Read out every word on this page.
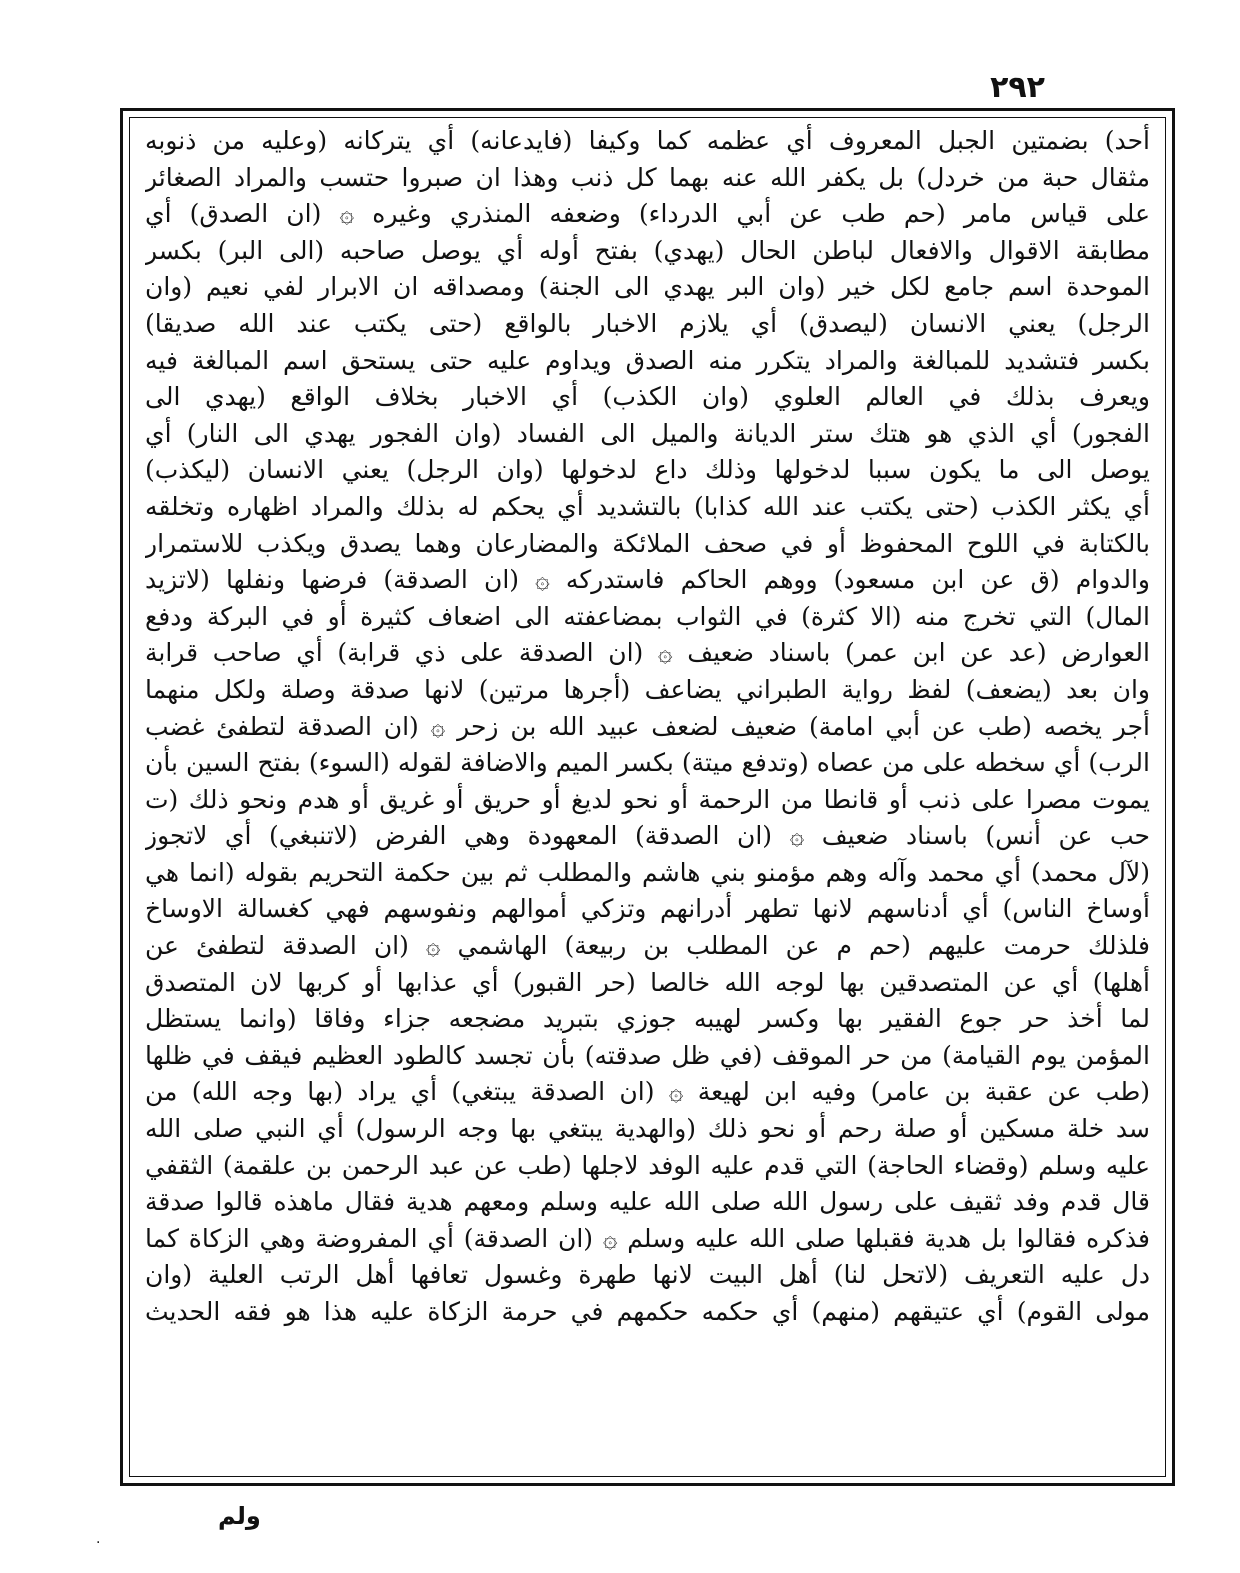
٢٩٢
أحد) بضمتين الجبل المعروف أي عظمه كما وكيفا (فايدعانه) أي يتركانه (وعليه من ذنوبه
مثقال حبة من خردل) بل يكفر الله عنه بهما كل ذنب وهذا ان صبروا حتسب والمراد الصغائر
على قياس مامر (حم طب عن أبي الدرداء) وضعفه المنذري وغيره ۞ (ان الصدق) أي
مطابقة الاقوال والافعال لباطن الحال (يهدي) بفتح أوله أي يوصل صاحبه (الى البر) بكسر
الموحدة اسم جامع لكل خير (وان البر يهدي الى الجنة) ومصداقه ان الابرار لفي نعيم (وان
الرجل) يعني الانسان (ليصدق) أي يلازم الاخبار بالواقع (حتى يكتب عند الله صديقا)
بكسر فتشديد للمبالغة والمراد يتكرر منه الصدق ويداوم عليه حتى يستحق اسم المبالغة فيه
ويعرف بذلك في العالم العلوي (وان الكذب) أي الاخبار بخلاف الواقع (يهدي الى
الفجور) أي الذي هو هتك ستر الديانة والميل الى الفساد (وان الفجور يهدي الى النار) أي
يوصل الى ما يكون سببا لدخولها وذلك داع لدخولها (وان الرجل) يعني الانسان (ليكذب)
أي يكثر الكذب (حتى يكتب عند الله كذابا) بالتشديد أي يحكم له بذلك والمراد اظهاره وتخلقه
بالكتابة في اللوح المحفوظ أو في صحف الملائكة والمضارعان وهما يصدق ويكذب للاستمرار
والدوام (ق عن ابن مسعود) ووهم الحاكم فاستدركه ۞ (ان الصدقة) فرضها ونفلها (لاتزيد
المال) التي تخرج منه (الا كثرة) في الثواب بمضاعفته الى اضعاف كثيرة أو في البركة ودفع
العوارض (عد عن ابن عمر) باسناد ضعيف ۞ (ان الصدقة على ذي قرابة) أي صاحب قرابة
وان بعد (يضعف) لفظ رواية الطبراني يضاعف (أجرها مرتين) لانها صدقة وصلة ولكل منهما
أجر يخصه (طب عن أبي امامة) ضعيف لضعف عبيد الله بن زحر ۞ (ان الصدقة لتطفئ غضب
الرب) أي سخطه على من عصاه (وتدفع ميتة) بكسر الميم والاضافة لقوله (السوء) بفتح السين بأن
يموت مصرا على ذنب أو قانطا من الرحمة أو نحو لديغ أو حريق أو غريق أو هدم ونحو ذلك (ت
حب عن أنس) باسناد ضعيف ۞ (ان الصدقة) المعهودة وهي الفرض (لاتنبغي) أي لاتجوز
(لآل محمد) أي محمد وآله وهم مؤمنو بني هاشم والمطلب ثم بين حكمة التحريم بقوله (انما هي
أوساخ الناس) أي أدناسهم لانها تطهر أدرانهم وتزكي أموالهم ونفوسهم فهي كغسالة الاوساخ
فلذلك حرمت عليهم (حم م عن المطلب بن ربيعة) الهاشمي ۞ (ان الصدقة لتطفئ عن
أهلها) أي عن المتصدقين بها لوجه الله خالصا (حر القبور) أي عذابها أو كربها لان المتصدق
لما أخذ حر جوع الفقير بها وكسر لهيبه جوزي بتبريد مضجعه جزاء وفاقا (وانما يستظل
المؤمن يوم القيامة) من حر الموقف (في ظل صدقته) بأن تجسد كالطود العظيم فيقف في ظلها
(طب عن عقبة بن عامر) وفيه ابن لهيعة ۞ (ان الصدقة يبتغي) أي يراد (بها وجه الله) من
سد خلة مسكين أو صلة رحم أو نحو ذلك (والهدية يبتغي بها وجه الرسول) أي النبي صلى الله
عليه وسلم (وقضاء الحاجة) التي قدم عليه الوفد لاجلها (طب عن عبد الرحمن بن علقمة) الثقفي
قال قدم وفد ثقيف على رسول الله صلى الله عليه وسلم ومعهم هدية فقال ماهذه قالوا صدقة
فذكره فقالوا بل هدية فقبلها صلى الله عليه وسلم ۞ (ان الصدقة) أي المفروضة وهي الزكاة كما
دل عليه التعريف (لاتحل لنا) أهل البيت لانها طهرة وغسول تعافها أهل الرتب العلية (وان
مولى القوم) أي عتيقهم (منهم) أي حكمه حكمهم في حرمة الزكاة عليه هذا هو فقه الحديث
ولم
.
